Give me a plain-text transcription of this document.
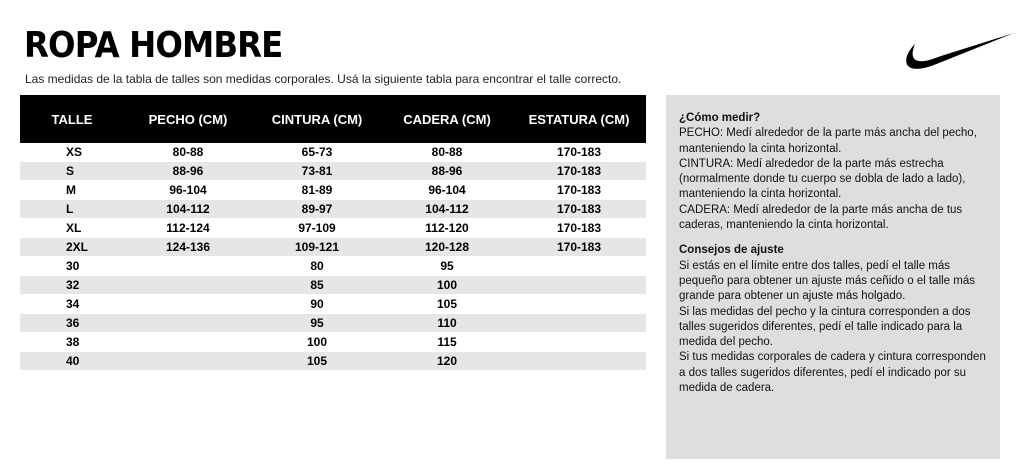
ROPA HOMBRE
Las medidas de la tabla de talles son medidas corporales. Usá la siguiente tabla para encontrar el talle correcto.
TALLE	PECHO (CM)	CINTURA (CM)	CADERA (CM)	ESTATURA (CM)
XS	80-88	65-73	80-88	170-183
S	88-96	73-81	88-96	170-183
M	96-104	81-89	96-104	170-183
L	104-112	89-97	104-112	170-183
XL	112-124	97-109	112-120	170-183
2XL	124-136	109-121	120-128	170-183
30		80	95	
32		85	100	
34		90	105	
36		95	110	
38		100	115	
40		105	120	
¿Cómo medir?

PECHO: Medí alrededor de la parte más ancha del pecho, manteniendo la cinta horizontal.

CINTURA: Medí alrededor de la parte más estrecha (normalmente donde tu cuerpo se dobla de lado a lado), manteniendo la cinta horizontal.

CADERA: Medí alrededor de la parte más ancha de tus caderas, manteniendo la cinta horizontal.

Consejos de ajuste

Si estás en el límite entre dos talles, pedí el talle más pequeño para obtener un ajuste más ceñido o el talle más grande para obtener un ajuste más holgado.

Si las medidas del pecho y la cintura corresponden a dos talles sugeridos diferentes, pedí el talle indicado para la medida del pecho.

Si tus medidas corporales de cadera y cintura corresponden a dos talles sugeridos diferentes, pedí el indicado por su medida de cadera.
